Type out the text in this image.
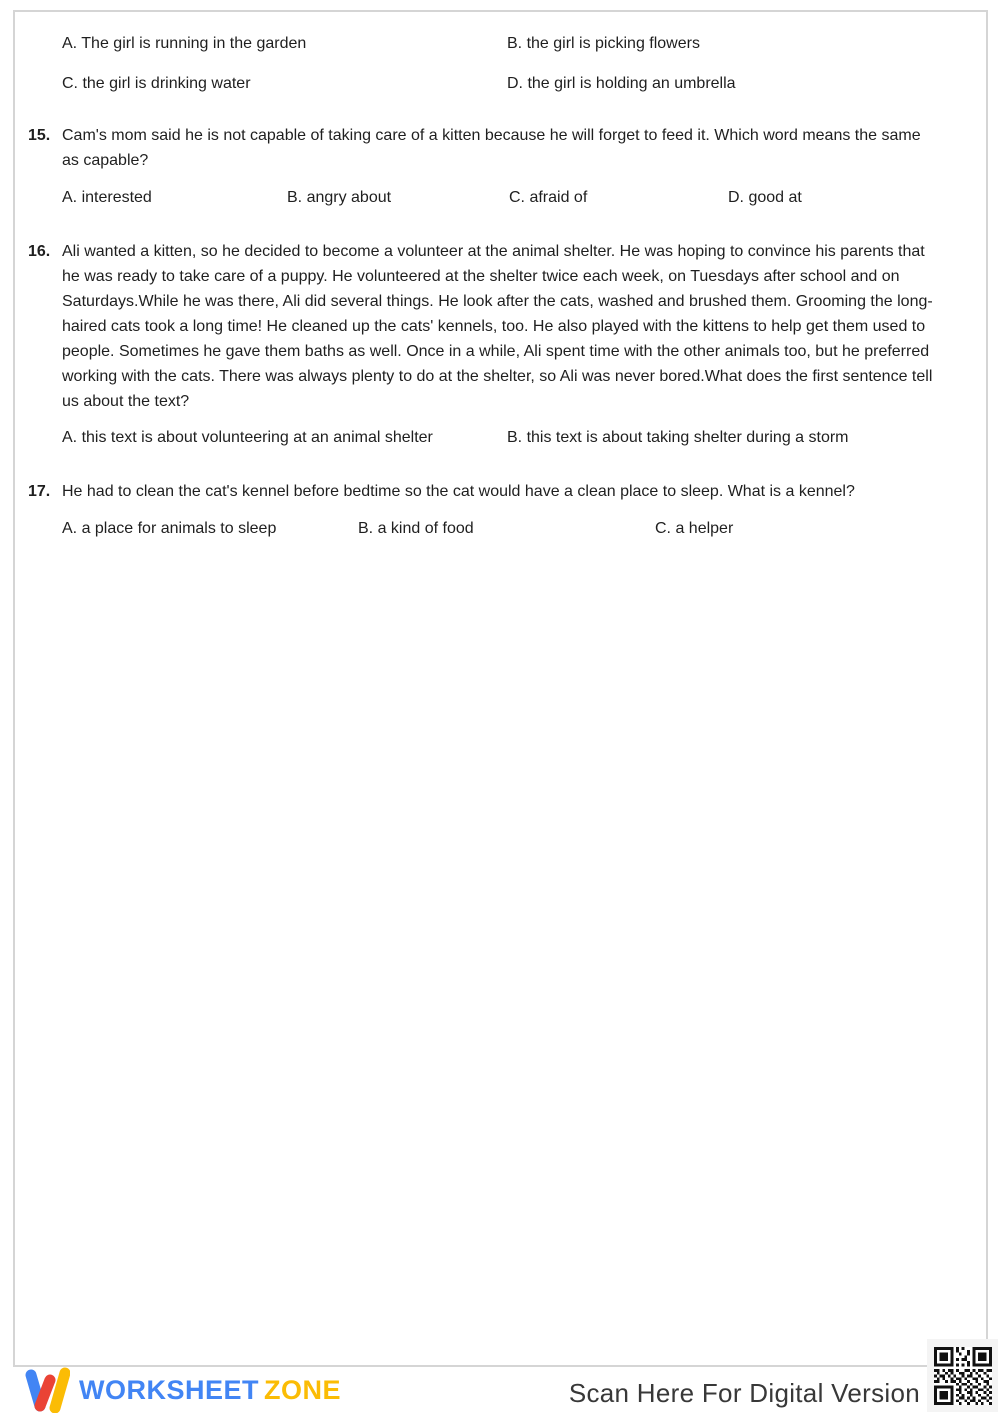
A. The girl is running in the garden	B. the girl is picking flowers
C. the girl is drinking water	D. the girl is holding an umbrella
15. Cam's mom said he is not capable of taking care of a kitten because he will forget to feed it. Which word means the same as capable?

A. interested	B. angry about	C. afraid of	D. good at
16. Ali wanted a kitten, so he decided to become a volunteer at the animal shelter. He was hoping to convince his parents that he was ready to take care of a puppy. He volunteered at the shelter twice each week, on Tuesdays after school and on Saturdays.While he was there, Ali did several things. He look after the cats, washed and brushed them. Grooming the long-haired cats took a long time! He cleaned up the cats' kennels, too. He also played with the kittens to help get them used to people. Sometimes he gave them baths as well. Once in a while, Ali spent time with the other animals too, but he preferred working with the cats. There was always plenty to do at the shelter, so Ali was never bored.What does the first sentence tell us about the text?

A. this text is about volunteering at an animal shelter	B. this text is about taking shelter during a storm
17. He had to clean the cat's kennel before bedtime so the cat would have a clean place to sleep. What is a kennel?

A. a place for animals to sleep	B. a kind of food	C. a helper
WORKSHEET ZONE	Scan Here For Digital Version
